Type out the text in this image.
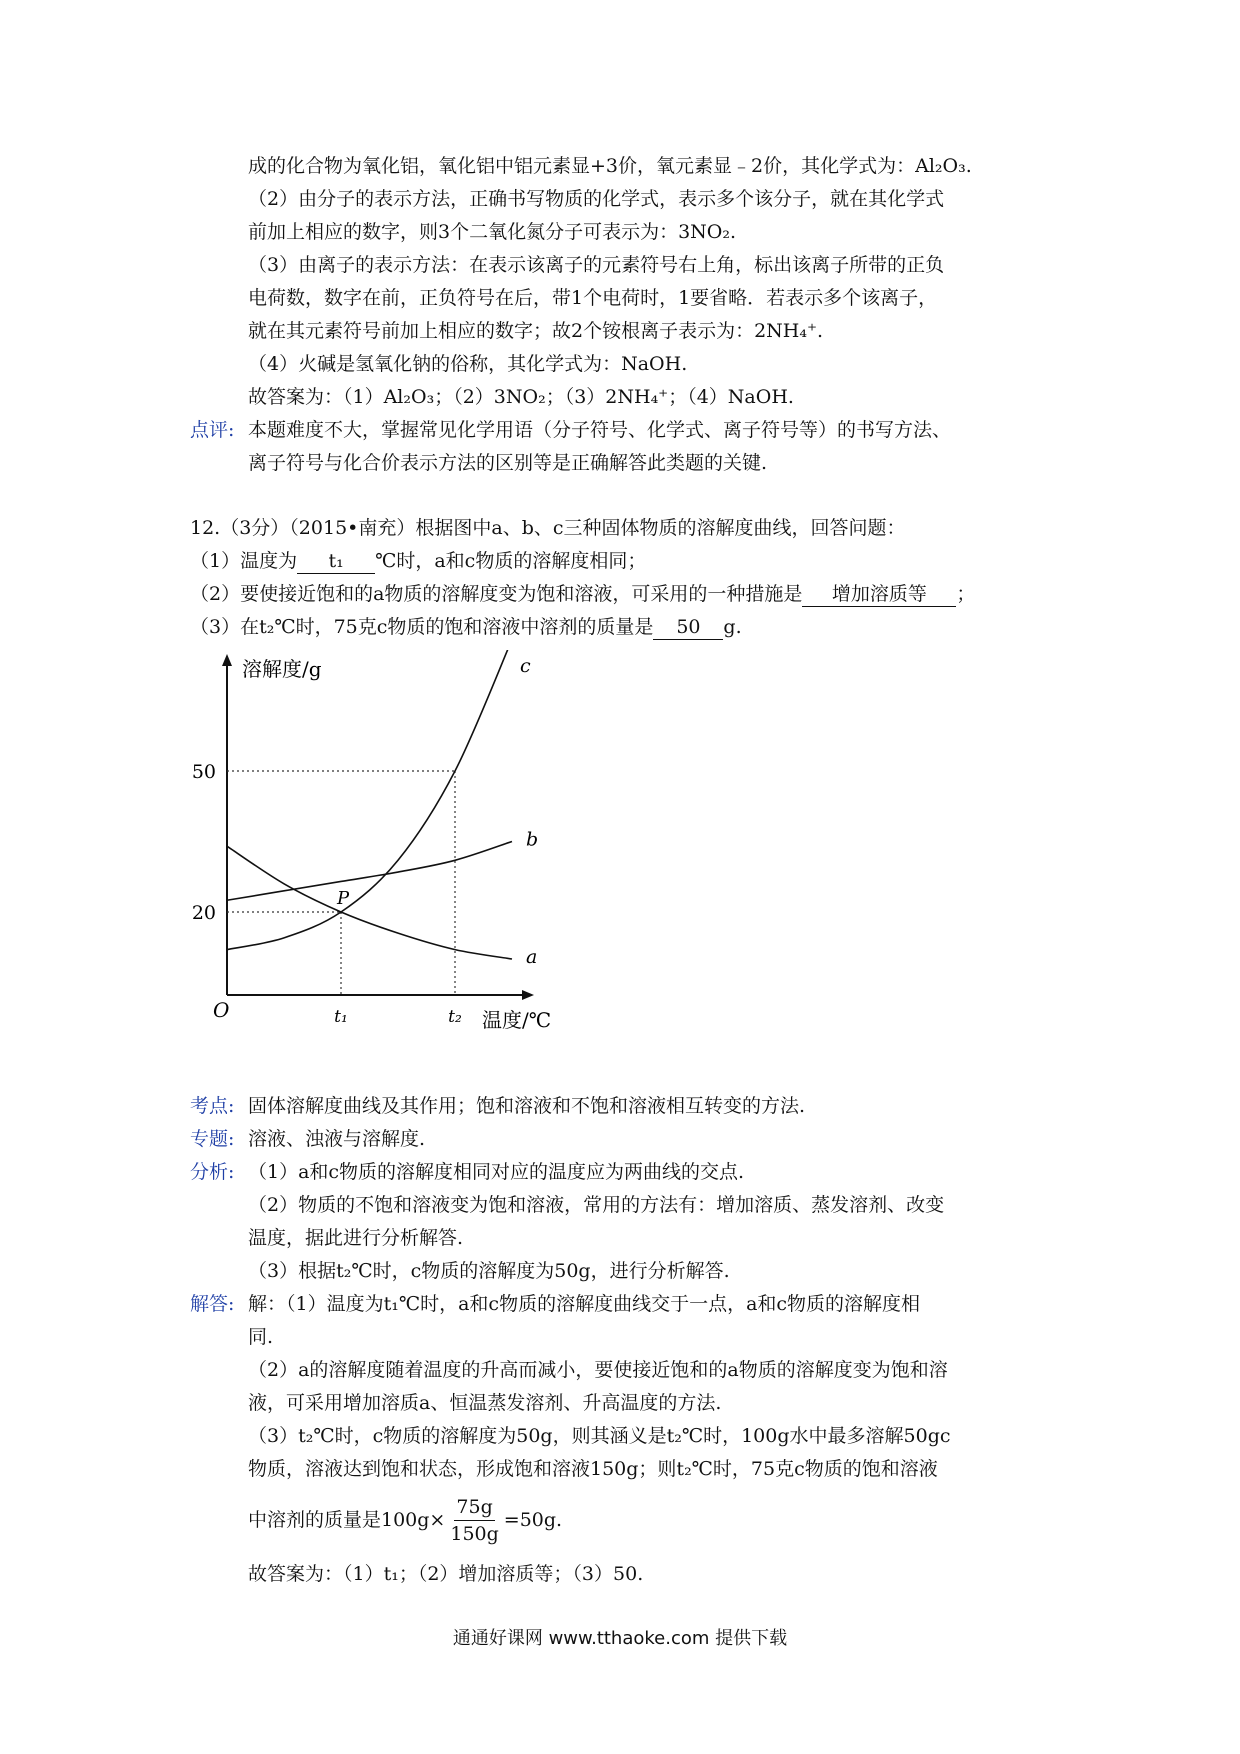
成的化合物为氧化铝，氧化铝中铝元素显+3价，氧元素显﹣2价，其化学式为：Al₂O₃.
（2）由分子的表示方法，正确书写物质的化学式，表示多个该分子，就在其化学式
前加上相应的数字，则3个二氧化氮分子可表示为：3NO₂.
（3）由离子的表示方法：在表示该离子的元素符号右上角，标出该离子所带的正负
电荷数，数字在前，正负符号在后，带1个电荷时，1要省略．若表示多个该离子，
就在其元素符号前加上相应的数字；故2个铵根离子表示为：2NH₄⁺.
（4）火碱是氢氧化钠的俗称，其化学式为：NaOH.
故答案为：（1）Al₂O₃；（2）3NO₂；（3）2NH₄⁺；（4）NaOH.
点评: 本题难度不大，掌握常见化学用语（分子符号、化学式、离子符号等）的书写方法、
离子符号与化合价表示方法的区别等是正确解答此类题的关键.
12.（3分）（2015•南充）根据图中a、b、c三种固体物质的溶解度曲线，回答问题：
（1）温度为 t₁ ℃时，a和c物质的溶解度相同；
（2）要使接近饱和的a物质的溶解度变为饱和溶液，可采用的一种措施是 增加溶质等 ；
（3）在t₂℃时，75克c物质的饱和溶液中溶剂的质量是 50 g.
溶解度/g
温度/℃
O
20
50
t₁	t₂
P
a
b
c
考点: 固体溶解度曲线及其作用；饱和溶液和不饱和溶液相互转变的方法.
专题: 溶液、浊液与溶解度.
分析: （1）a和c物质的溶解度相同对应的温度应为两曲线的交点.
（2）物质的不饱和溶液变为饱和溶液，常用的方法有：增加溶质、蒸发溶剂、改变
温度，据此进行分析解答.
（3）根据t₂℃时，c物质的溶解度为50g，进行分析解答.
解答: 解：（1）温度为t₁℃时，a和c物质的溶解度曲线交于一点，a和c物质的溶解度相
同.
（2）a的溶解度随着温度的升高而减小，要使接近饱和的a物质的溶解度变为饱和溶
液，可采用增加溶质a、恒温蒸发溶剂、升高温度的方法.
（3）t₂℃时，c物质的溶解度为50g，则其涵义是t₂℃时，100g水中最多溶解50gc
物质，溶液达到饱和状态，形成饱和溶液150g；则t₂℃时，75克c物质的饱和溶液
中溶剂的质量是$100g\times \frac{75g}{150g} =50g$.
故答案为：（1）t₁；（2）增加溶质等；（3）50.
通通好课网 www.tthaoke.com 提供下载
